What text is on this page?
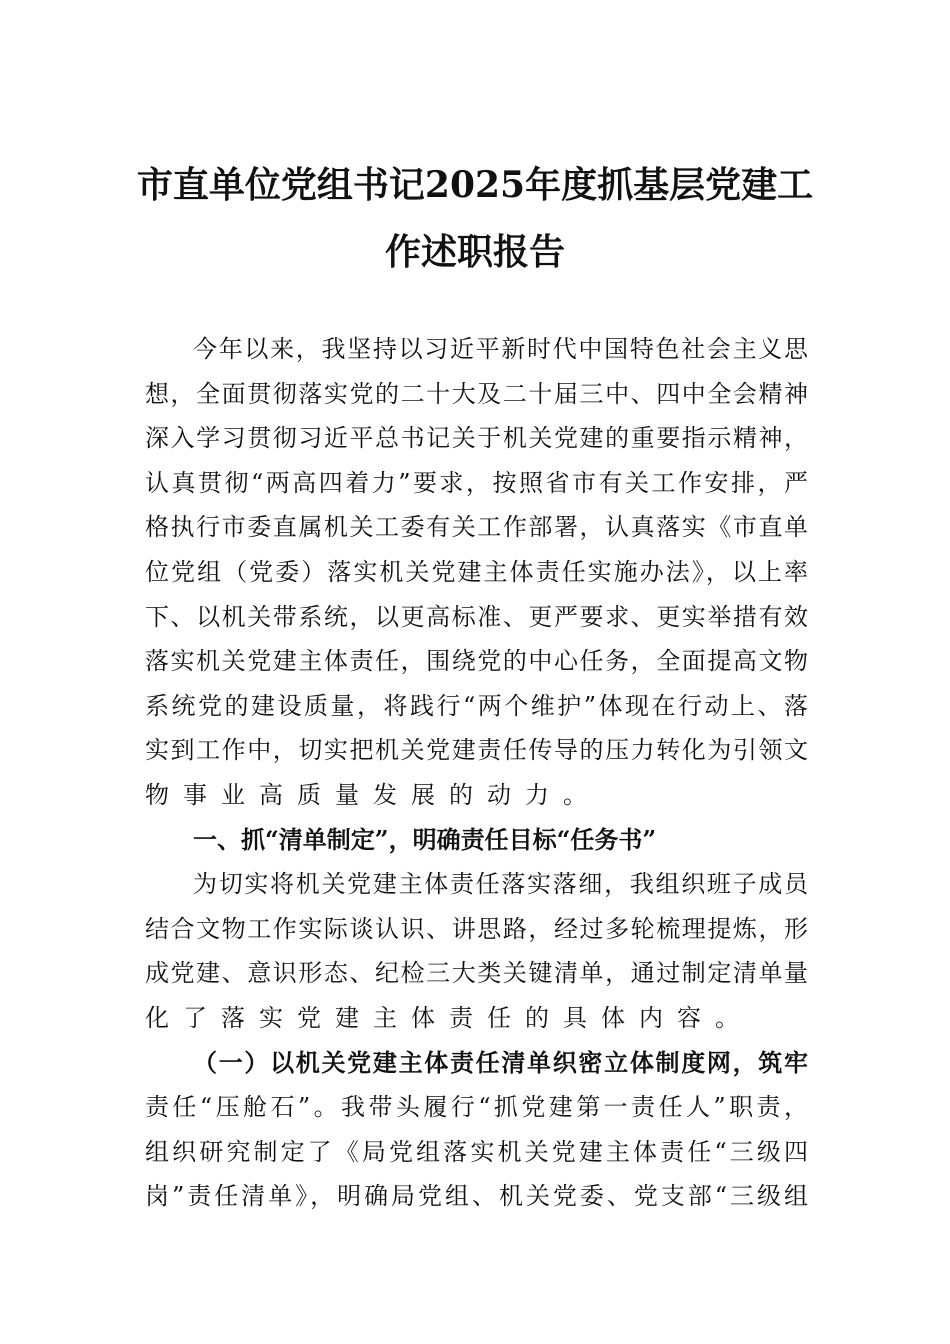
市直单位党组书记2025年度抓基层党建工
作述职报告
今年以来，我坚持以习近平新时代中国特色社会主义思
想，全面贯彻落实党的二十大及二十届三中、四中全会精神
深入学习贯彻习近平总书记关于机关党建的重要指示精神，
认真贯彻“两高四着力”要求，按照省市有关工作安排，严
格执行市委直属机关工委有关工作部署，认真落实《市直单
位党组（党委）落实机关党建主体责任实施办法》，以上率
下、以机关带系统，以更高标准、更严要求、更实举措有效
落实机关党建主体责任，围绕党的中心任务，全面提高文物
系统党的建设质量，将践行“两个维护”体现在行动上、落
实到工作中，切实把机关党建责任传导的压力转化为引领文
物事业高质量发展的动力。
一、抓“清单制定”，明确责任目标“任务书”
为切实将机关党建主体责任落实落细，我组织班子成员
结合文物工作实际谈认识、讲思路，经过多轮梳理提炼，形
成党建、意识形态、纪检三大类关键清单，通过制定清单量
化了落实党建主体责任的具体内容。
（一）以机关党建主体责任清单织密立体制度网，筑牢
责任“压舱石”。我带头履行“抓党建第一责任人”职责，
组织研究制定了《局党组落实机关党建主体责任“三级四
岗”责任清单》，明确局党组、机关党委、党支部“三级组
